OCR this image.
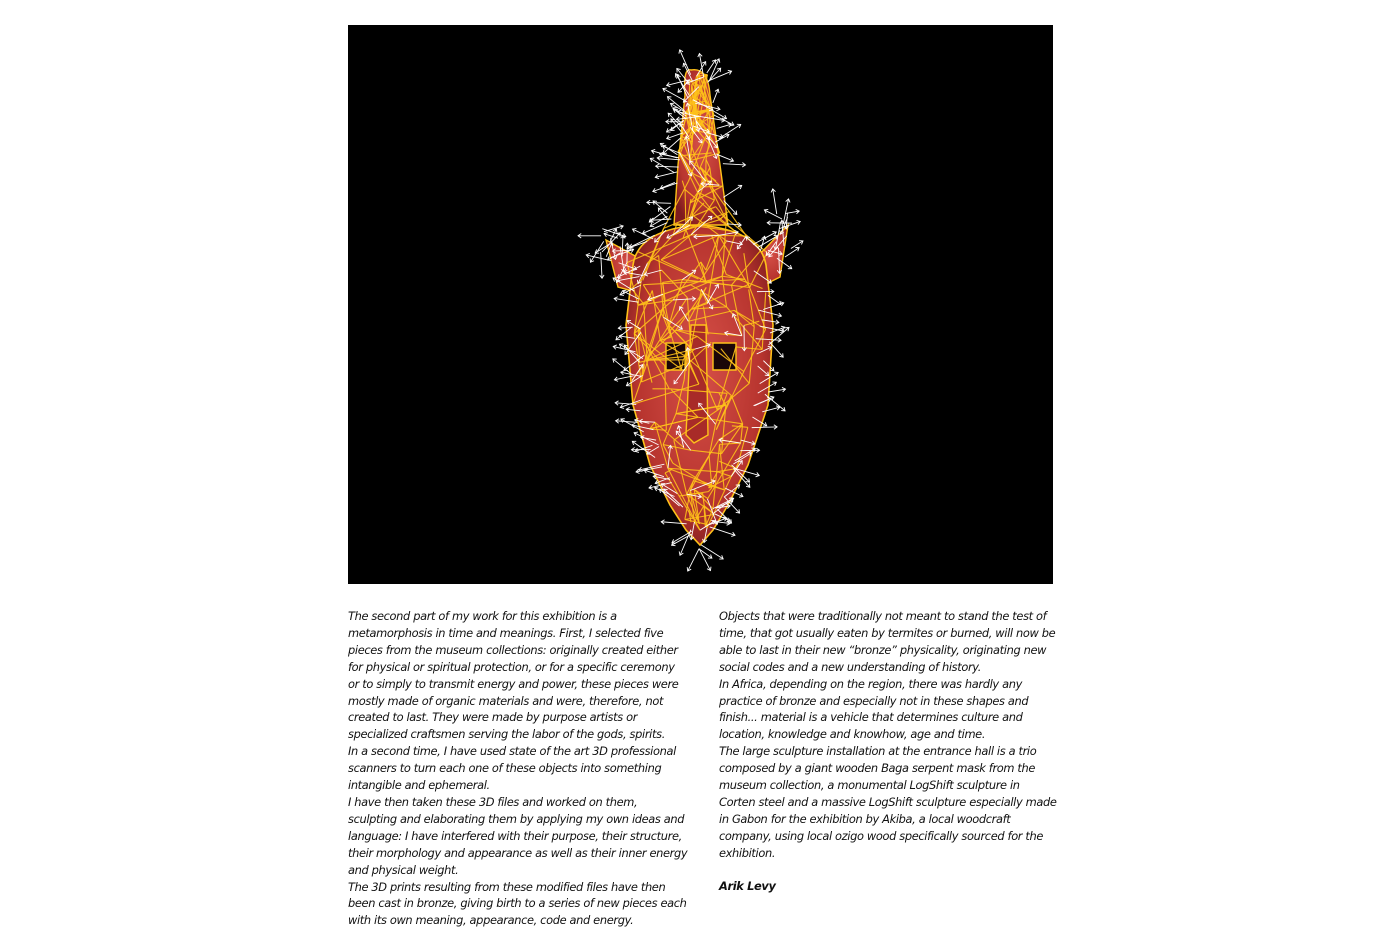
The second part of my work for this exhibition is a metamorphosis in time and meanings. First, I selected five pieces from the museum collections: originally created either for physical or spiritual protection, or for a specific ceremony or to simply to transmit energy and power, these pieces were mostly made of organic materials and were, therefore, not created to last. They were made by purpose artists or specialized craftsmen serving the labor of the gods, spirits.

In a second time, I have used state of the art 3D professional scanners to turn each one of these objects into something intangible and ephemeral.

I have then taken these 3D files and worked on them, sculpting and elaborating them by applying my own ideas and language: I have interfered with their purpose, their structure, their morphology and appearance as well as their inner energy and physical weight.

The 3D prints resulting from these modified files have then been cast in bronze, giving birth to a series of new pieces each with its own meaning, appearance, code and energy.

Objects that were traditionally not meant to stand the test of time, that got usually eaten by termites or burned, will now be able to last in their new “bronze” physicality, originating new social codes and a new understanding of history.

In Africa, depending on the region, there was hardly any practice of bronze and especially not in these shapes and finish... material is a vehicle that determines culture and location, knowledge and knowhow, age and time.

The large sculpture installation at the entrance hall is a trio composed by a giant wooden Baga serpent mask from the museum collection, a monumental LogShift sculpture in Corten steel and a massive LogShift sculpture especially made in Gabon for the exhibition by Akiba, a local woodcraft company, using local ozigo wood specifically sourced for the exhibition.

Arik Levy
